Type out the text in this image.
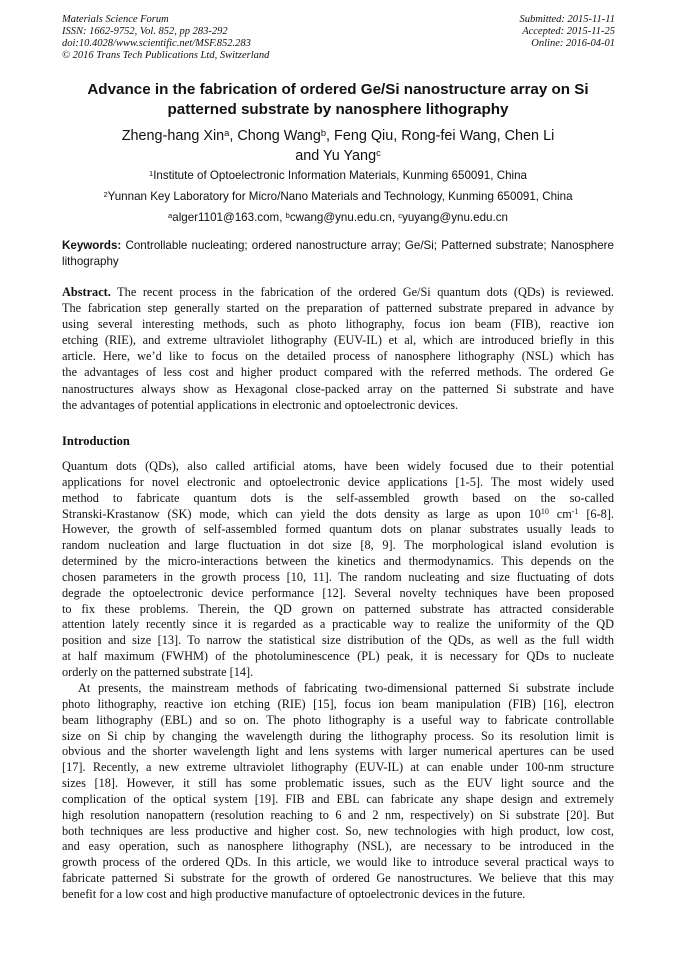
Materials Science Forum
ISSN: 1662-9752, Vol. 852, pp 283-292
doi:10.4028/www.scientific.net/MSF.852.283
© 2016 Trans Tech Publications Ltd, Switzerland
Submitted: 2015-11-11
Accepted: 2015-11-25
Online: 2016-04-01
Advance in the fabrication of ordered Ge/Si nanostructure array on Si
patterned substrate by nanosphere lithography
Zheng-hang Xin$^a$, Chong Wang$^b$, Feng Qiu, Rong-fei Wang, Chen Li
and Yu Yang$^c$
$^1$Institute of Optoelectronic Information Materials, Kunming 650091, China
$^2$Yunnan Key Laboratory for Micro/Nano Materials and Technology, Kunming 650091, China
$^a$alger1101@163.com, $^b$cwang@ynu.edu.cn, $^c$yuyang@ynu.edu.cn
Keywords: Controllable nucleating; ordered nanostructure array; Ge/Si; Patterned substrate; Nanosphere lithography
Abstract. The recent process in the fabrication of the ordered Ge/Si quantum dots (QDs) is reviewed.
The fabrication step generally started on the preparation of patterned substrate prepared in advance by
using several interesting methods, such as photo lithography, focus ion beam (FIB), reactive ion
etching (RIE), and extreme ultraviolet lithography (EUV-IL) et al, which are introduced briefly in this
article. Here, we’d like to focus on the detailed process of nanosphere lithography (NSL) which has
the advantages of less cost and higher product compared with the referred methods. The ordered Ge
nanostructures always show as Hexagonal close-packed array on the patterned Si substrate and have
the advantages of potential applications in electronic and optoelectronic devices.
Introduction
Quantum dots (QDs), also called artificial atoms, have been widely focused due to their potential
applications for novel electronic and optoelectronic device applications [1-5]. The most widely used
method to fabricate quantum dots is the self-assembled growth based on the so-called
Stranski-Krastanow (SK) mode, which can yield the dots density as large as upon $10^{10}$ $cm^{-1}$ [6-8].
However, the growth of self-assembled formed quantum dots on planar substrates usually leads to
random nucleation and large fluctuation in dot size [8, 9]. The morphological island evolution is
determined by the micro-interactions between the kinetics and thermodynamics. This depends on the
chosen parameters in the growth process [10, 11]. The random nucleating and size fluctuating of dots
degrade the optoelectronic device performance [12]. Several novelty techniques have been proposed
to fix these problems. Therein, the QD grown on patterned substrate has attracted considerable
attention lately recently since it is regarded as a practicable way to realize the uniformity of the QD
position and size [13]. To narrow the statistical size distribution of the QDs, as well as the full width
at half maximum (FWHM) of the photoluminescence (PL) peak, it is necessary for QDs to nucleate
orderly on the patterned substrate [14].
At presents, the mainstream methods of fabricating two-dimensional patterned Si substrate include
photo lithography, reactive ion etching (RIE) [15], focus ion beam manipulation (FIB) [16], electron
beam lithography (EBL) and so on. The photo lithography is a useful way to fabricate controllable
size on Si chip by changing the wavelength during the lithography process. So its resolution limit is
obvious and the shorter wavelength light and lens systems with larger numerical apertures can be used
[17]. Recently, a new extreme ultraviolet lithography (EUV-IL) at can enable under 100-nm structure
sizes [18]. However, it still has some problematic issues, such as the EUV light source and the
complication of the optical system [19]. FIB and EBL can fabricate any shape design and extremely
high resolution nanopattern (resolution reaching to 6 and 2 nm, respectively) on Si substrate [20]. But
both techniques are less productive and higher cost. So, new technologies with high product, low cost,
and easy operation, such as nanosphere lithography (NSL), are necessary to be introduced in the
growth process of the ordered QDs. In this article, we would like to introduce several practical ways to
fabricate patterned Si substrate for the growth of ordered Ge nanostructures. We believe that this may
benefit for a low cost and high productive manufacture of optoelectronic devices in the future.
